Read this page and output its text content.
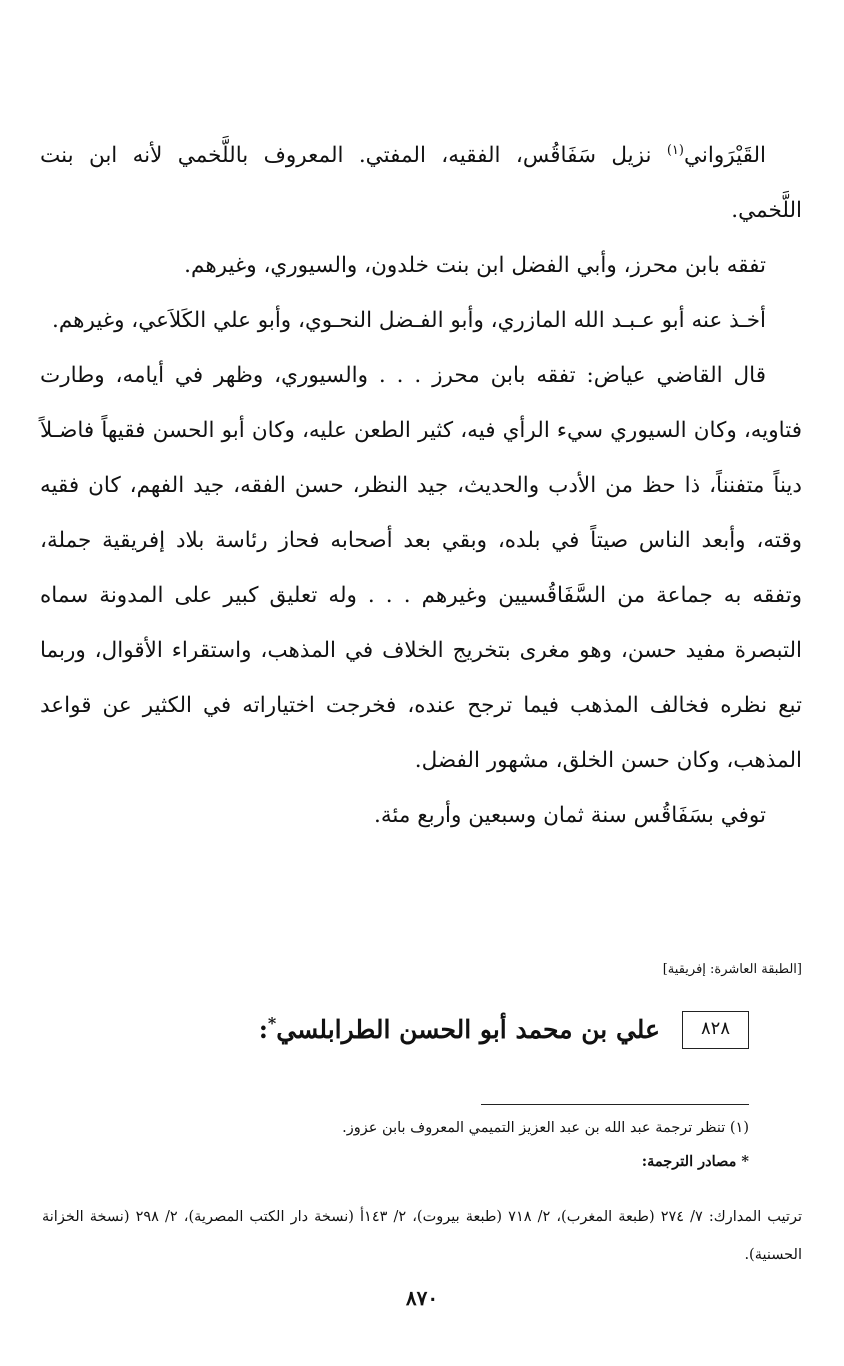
القَيْرَواني$^{(١)}$ نزيل سَفَاقُس، الفقيه، المفتي. المعروف باللَّخمي لأنه ابن بنت اللَّخمي.

تفقه بابن محرز، وأبي الفضل ابن بنت خلدون، والسيوري، وغيرهم.

أخـذ عنه أبو عـبـد الله المازري، وأبو الفـضل النحـوي، وأبو علي الكَلاَعي، وغيرهم.

قال القاضي عياض: تفقه بابن محرز . . . والسيوري، وظهر في أيامه، وطارت فتاويه، وكان السيوري سيء الرأي فيه، كثير الطعن عليه، وكان أبو الحسن فقيهاً فاضـلاً ديناً متفنناً، ذا حظ من الأدب والحديث، جيد النظر، حسن الفقه، جيد الفهم، كان فقيه وقته، وأبعد الناس صيتاً في بلده، وبقي بعد أصحابه فحاز رئاسة بلاد إفريقية جملة، وتفقه به جماعة من السَّفَاقُسيين وغيرهم . . . وله تعليق كبير على المدونة سماه التبصرة مفيد حسن، وهو مغرى بتخريج الخلاف في المذهب، واستقراء الأقوال، وربما تبع نظره فخالف المذهب فيما ترجح عنده، فخرجت اختياراته في الكثير عن قواعد المذهب، وكان حسن الخلق، مشهور الفضل.

توفي بسَفَاقُس سنة ثمان وسبعين وأربع مئة.

[الطبقة العاشرة: إفريقية]
٨٢٨
علي بن محمد أبو الحسن الطرابلسي*:

(١) تنظر ترجمة عبد الله بن عبد العزيز التميمي المعروف بابن عزوز.

* مصادر الترجمة:

ترتيب المدارك: ٧/ ٢٧٤ (طبعة المغرب)، ٢/ ٧١٨ (طبعة بيروت)، ٢/ ١٤٣أ (نسخة دار الكتب المصرية)، ٢/ ٢٩٨ (نسخة الخزانة الحسنية).

٨٧٠
